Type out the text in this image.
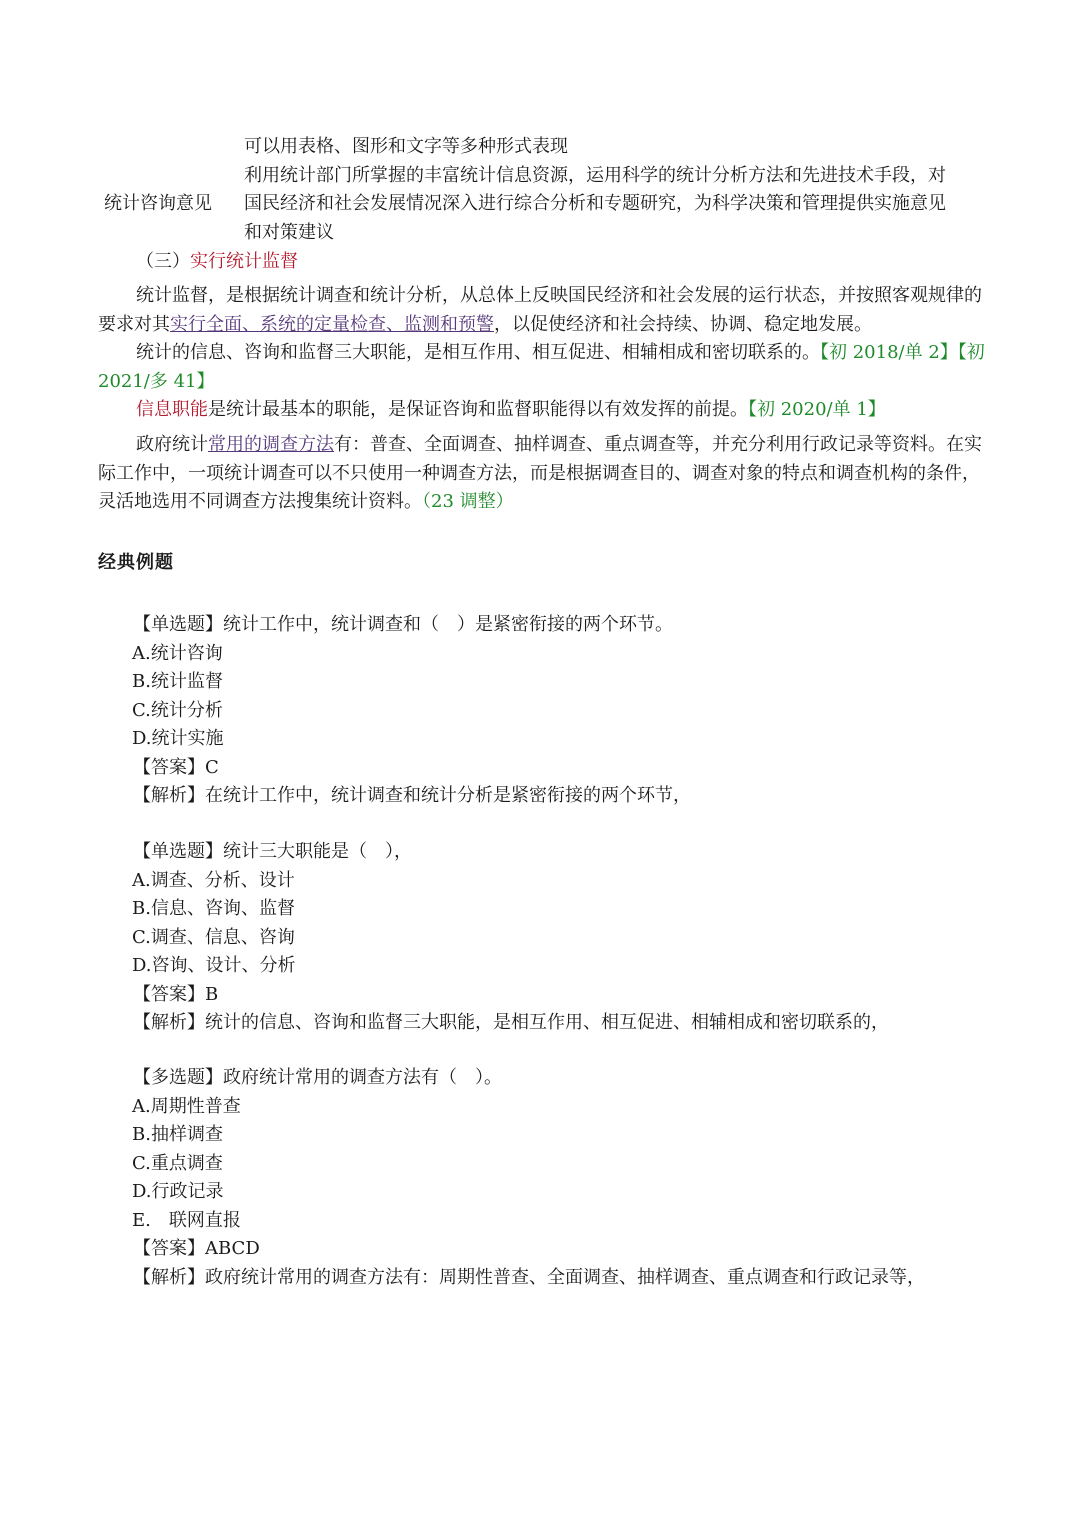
统计咨询意见
可以用表格、图形和文字等多种形式表现
利用统计部门所掌握的丰富统计信息资源，运用科学的统计分析方法和先进技术手段，对
国民经济和社会发展情况深入进行综合分析和专题研究，为科学决策和管理提供实施意见
和对策建议
（三）实行统计监督
统计监督，是根据统计调查和统计分析，从总体上反映国民经济和社会发展的运行状态，并按照客观规律的要求对其实行全面、系统的定量检查、监测和预警，以促使经济和社会持续、协调、稳定地发展。
统计的信息、咨询和监督三大职能，是相互作用、相互促进、相辅相成和密切联系的。【初 2018/单 2】【初 2021/多 41】
信息职能是统计最基本的职能，是保证咨询和监督职能得以有效发挥的前提。【初 2020/单 1】
政府统计常用的调查方法有：普查、全面调查、抽样调查、重点调查等，并充分利用行政记录等资料。在实际工作中，一项统计调查可以不只使用一种调查方法，而是根据调查目的、调查对象的特点和调查机构的条件，灵活地选用不同调查方法搜集统计资料。（23 调整）
经典例题
【单选题】统计工作中，统计调查和（　）是紧密衔接的两个环节。
A.统计咨询
B.统计监督
C.统计分析
D.统计实施
【答案】C
【解析】在统计工作中，统计调查和统计分析是紧密衔接的两个环节，
【单选题】统计三大职能是（　），
A.调查、分析、设计
B.信息、咨询、监督
C.调查、信息、咨询
D.咨询、设计、分析
【答案】B
【解析】统计的信息、咨询和监督三大职能，是相互作用、相互促进、相辅相成和密切联系的，
【多选题】政府统计常用的调查方法有（　）。
A.周期性普查
B.抽样调查
C.重点调查
D.行政记录
E.　联网直报
【答案】ABCD
【解析】政府统计常用的调查方法有：周期性普查、全面调查、抽样调查、重点调查和行政记录等，
